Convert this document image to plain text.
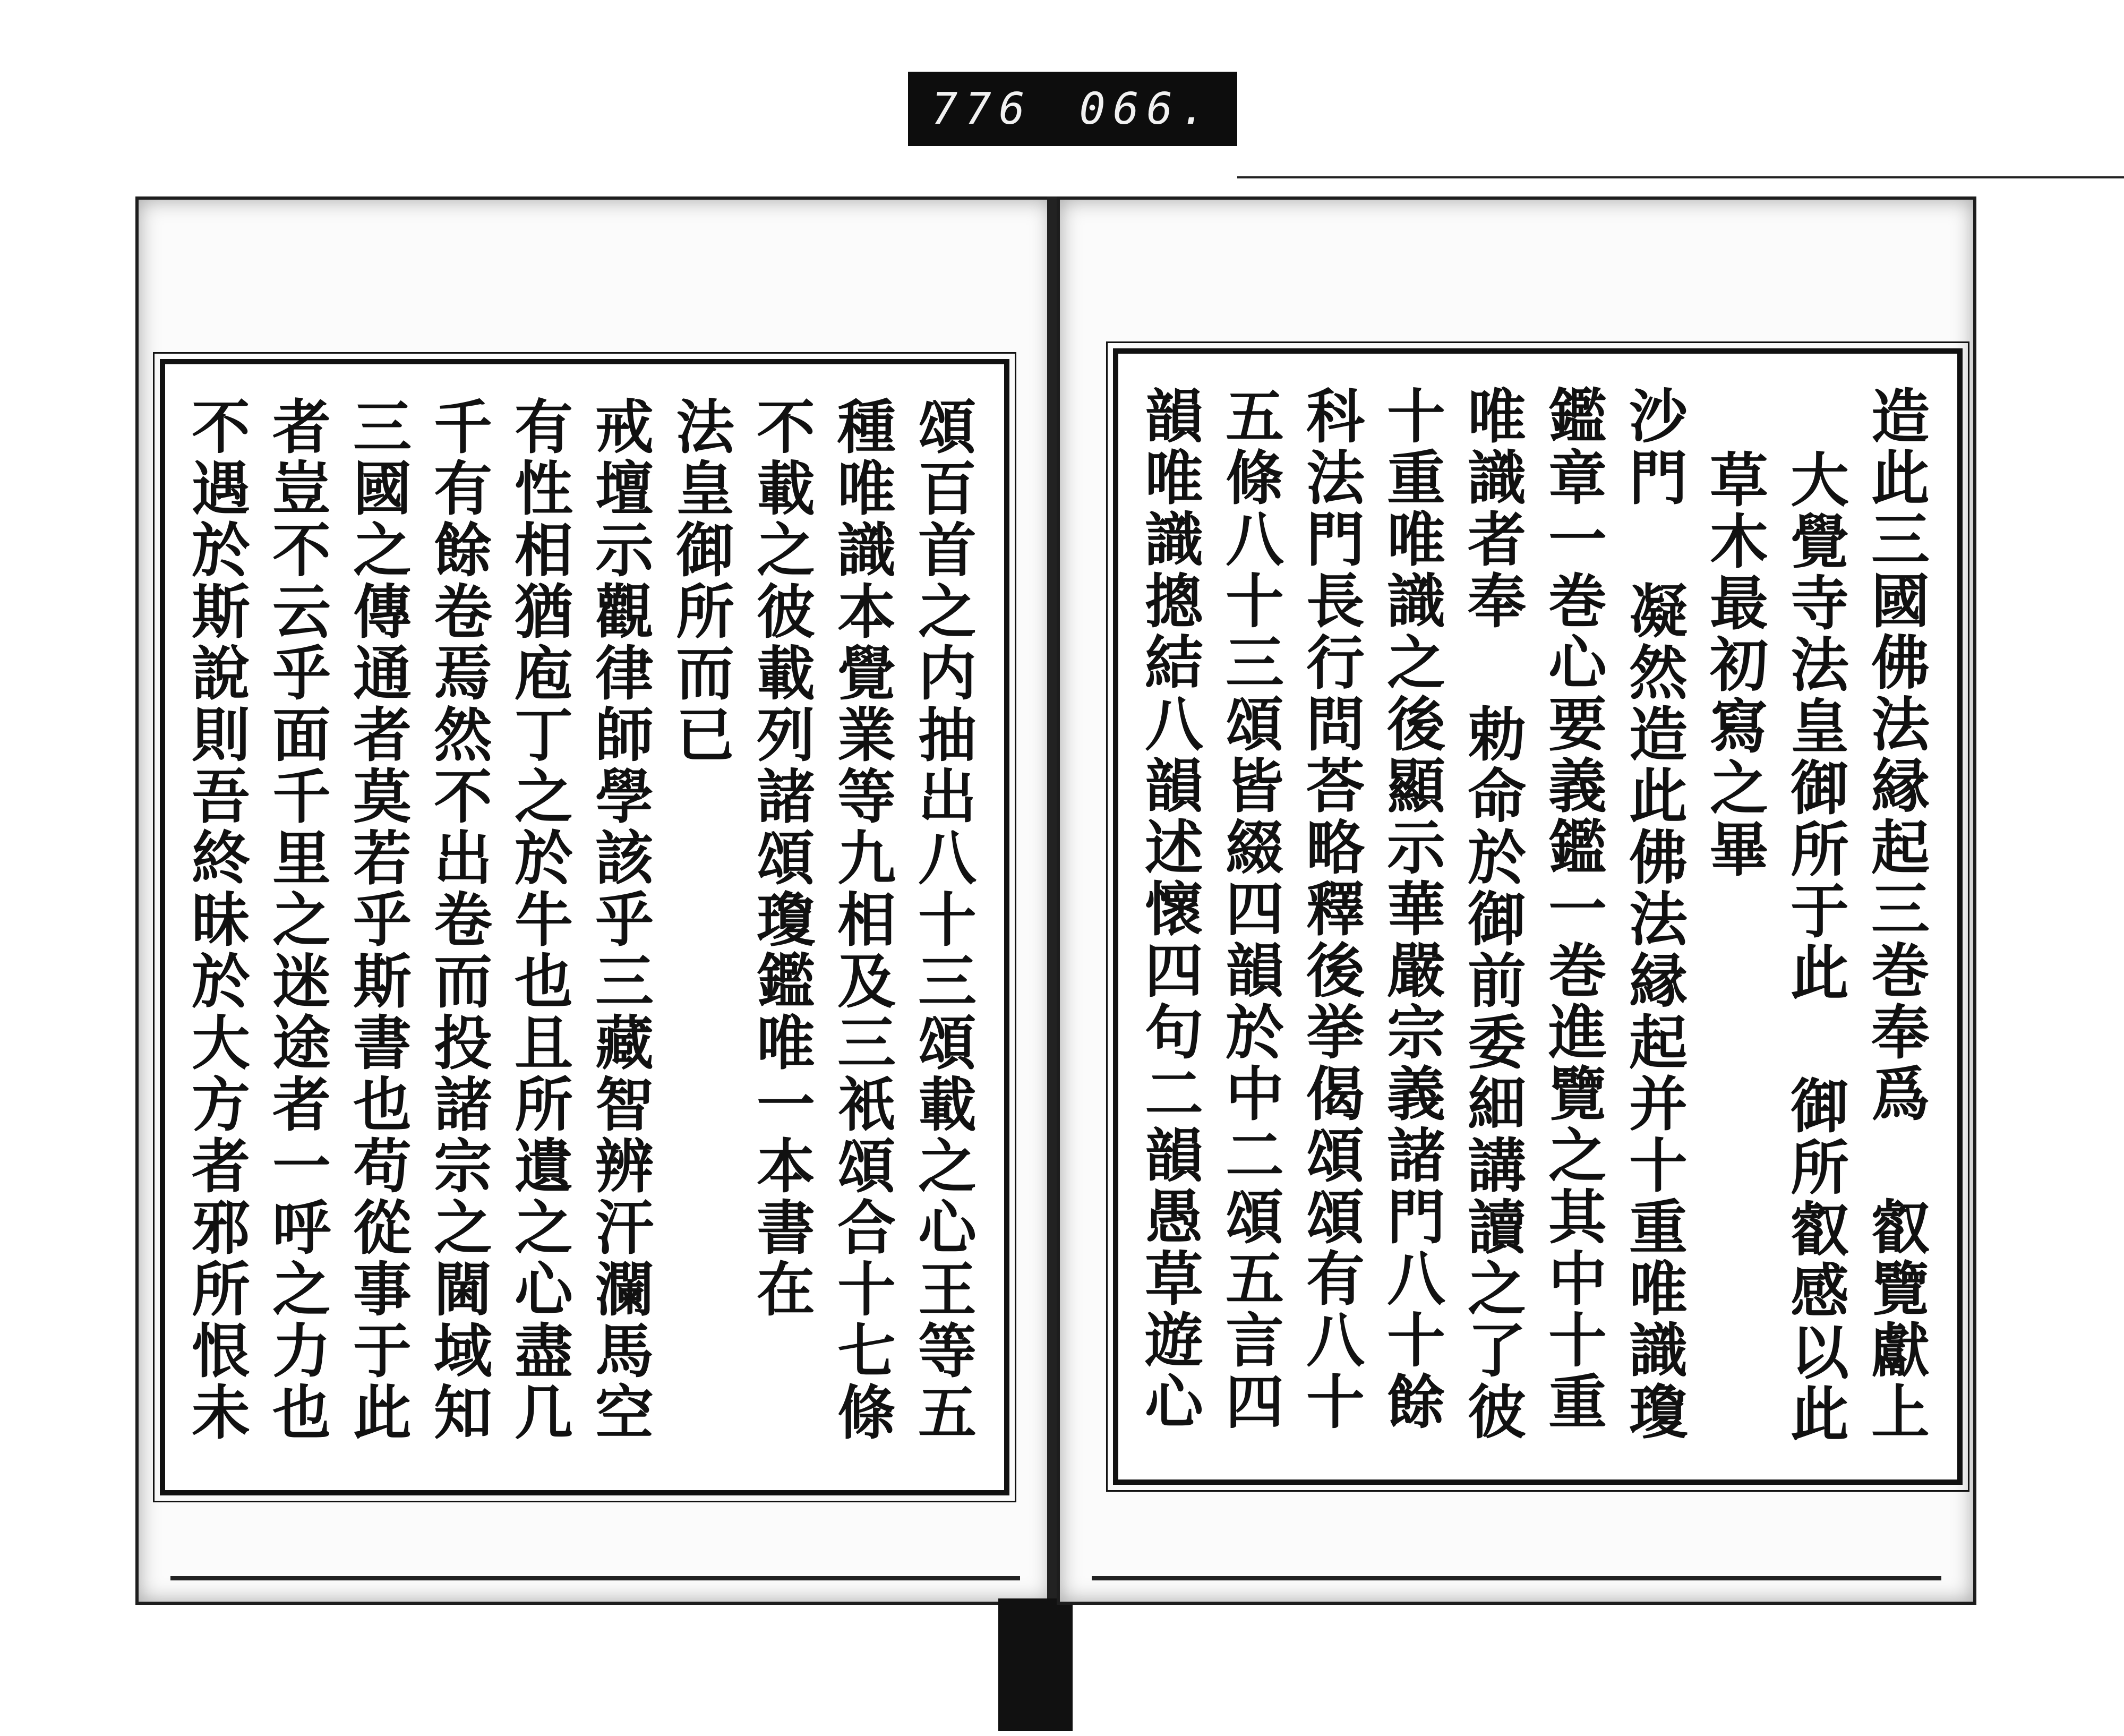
776 066.
頌百首之内抽出八十三頌載之心王等五
種唯識本覺業等九相及三衹頌合十七條
不載之彼載列諸頌瓊鑑唯一本書在
法皇御所而已
戒壇示觀律師學該乎三藏智辨汗瀾馬空
有性相猶庖丁之於牛也且所遺之心盡几
千有餘卷焉然不出卷而投諸宗之閫域知
三國之傳通者莫若乎斯書也苟從事于此
者豈不云乎面千里之迷途者一呼之力也
不遇於斯說則吾終昧於大方者邪所恨未	造此三國佛法縁起三巻奉爲 叡覽獻上
大覺寺法皇御所于此 御所叡感以此
草木最初寫之畢
沙門 凝然造此佛法縁起并十重唯識瓊
鑑章一巻心要義鑑一巻進覽之其中十重
唯識者奉 勅命於御前委細講讀之了彼
十重唯識之後顯示華嚴宗義諸門八十餘
科法門長行問荅略釋後挙偈頌頌有八十
五條八十三頌皆綴四韻於中二頌五言四
韻唯識摠結八韻述懷四句二韻愚草遊心
